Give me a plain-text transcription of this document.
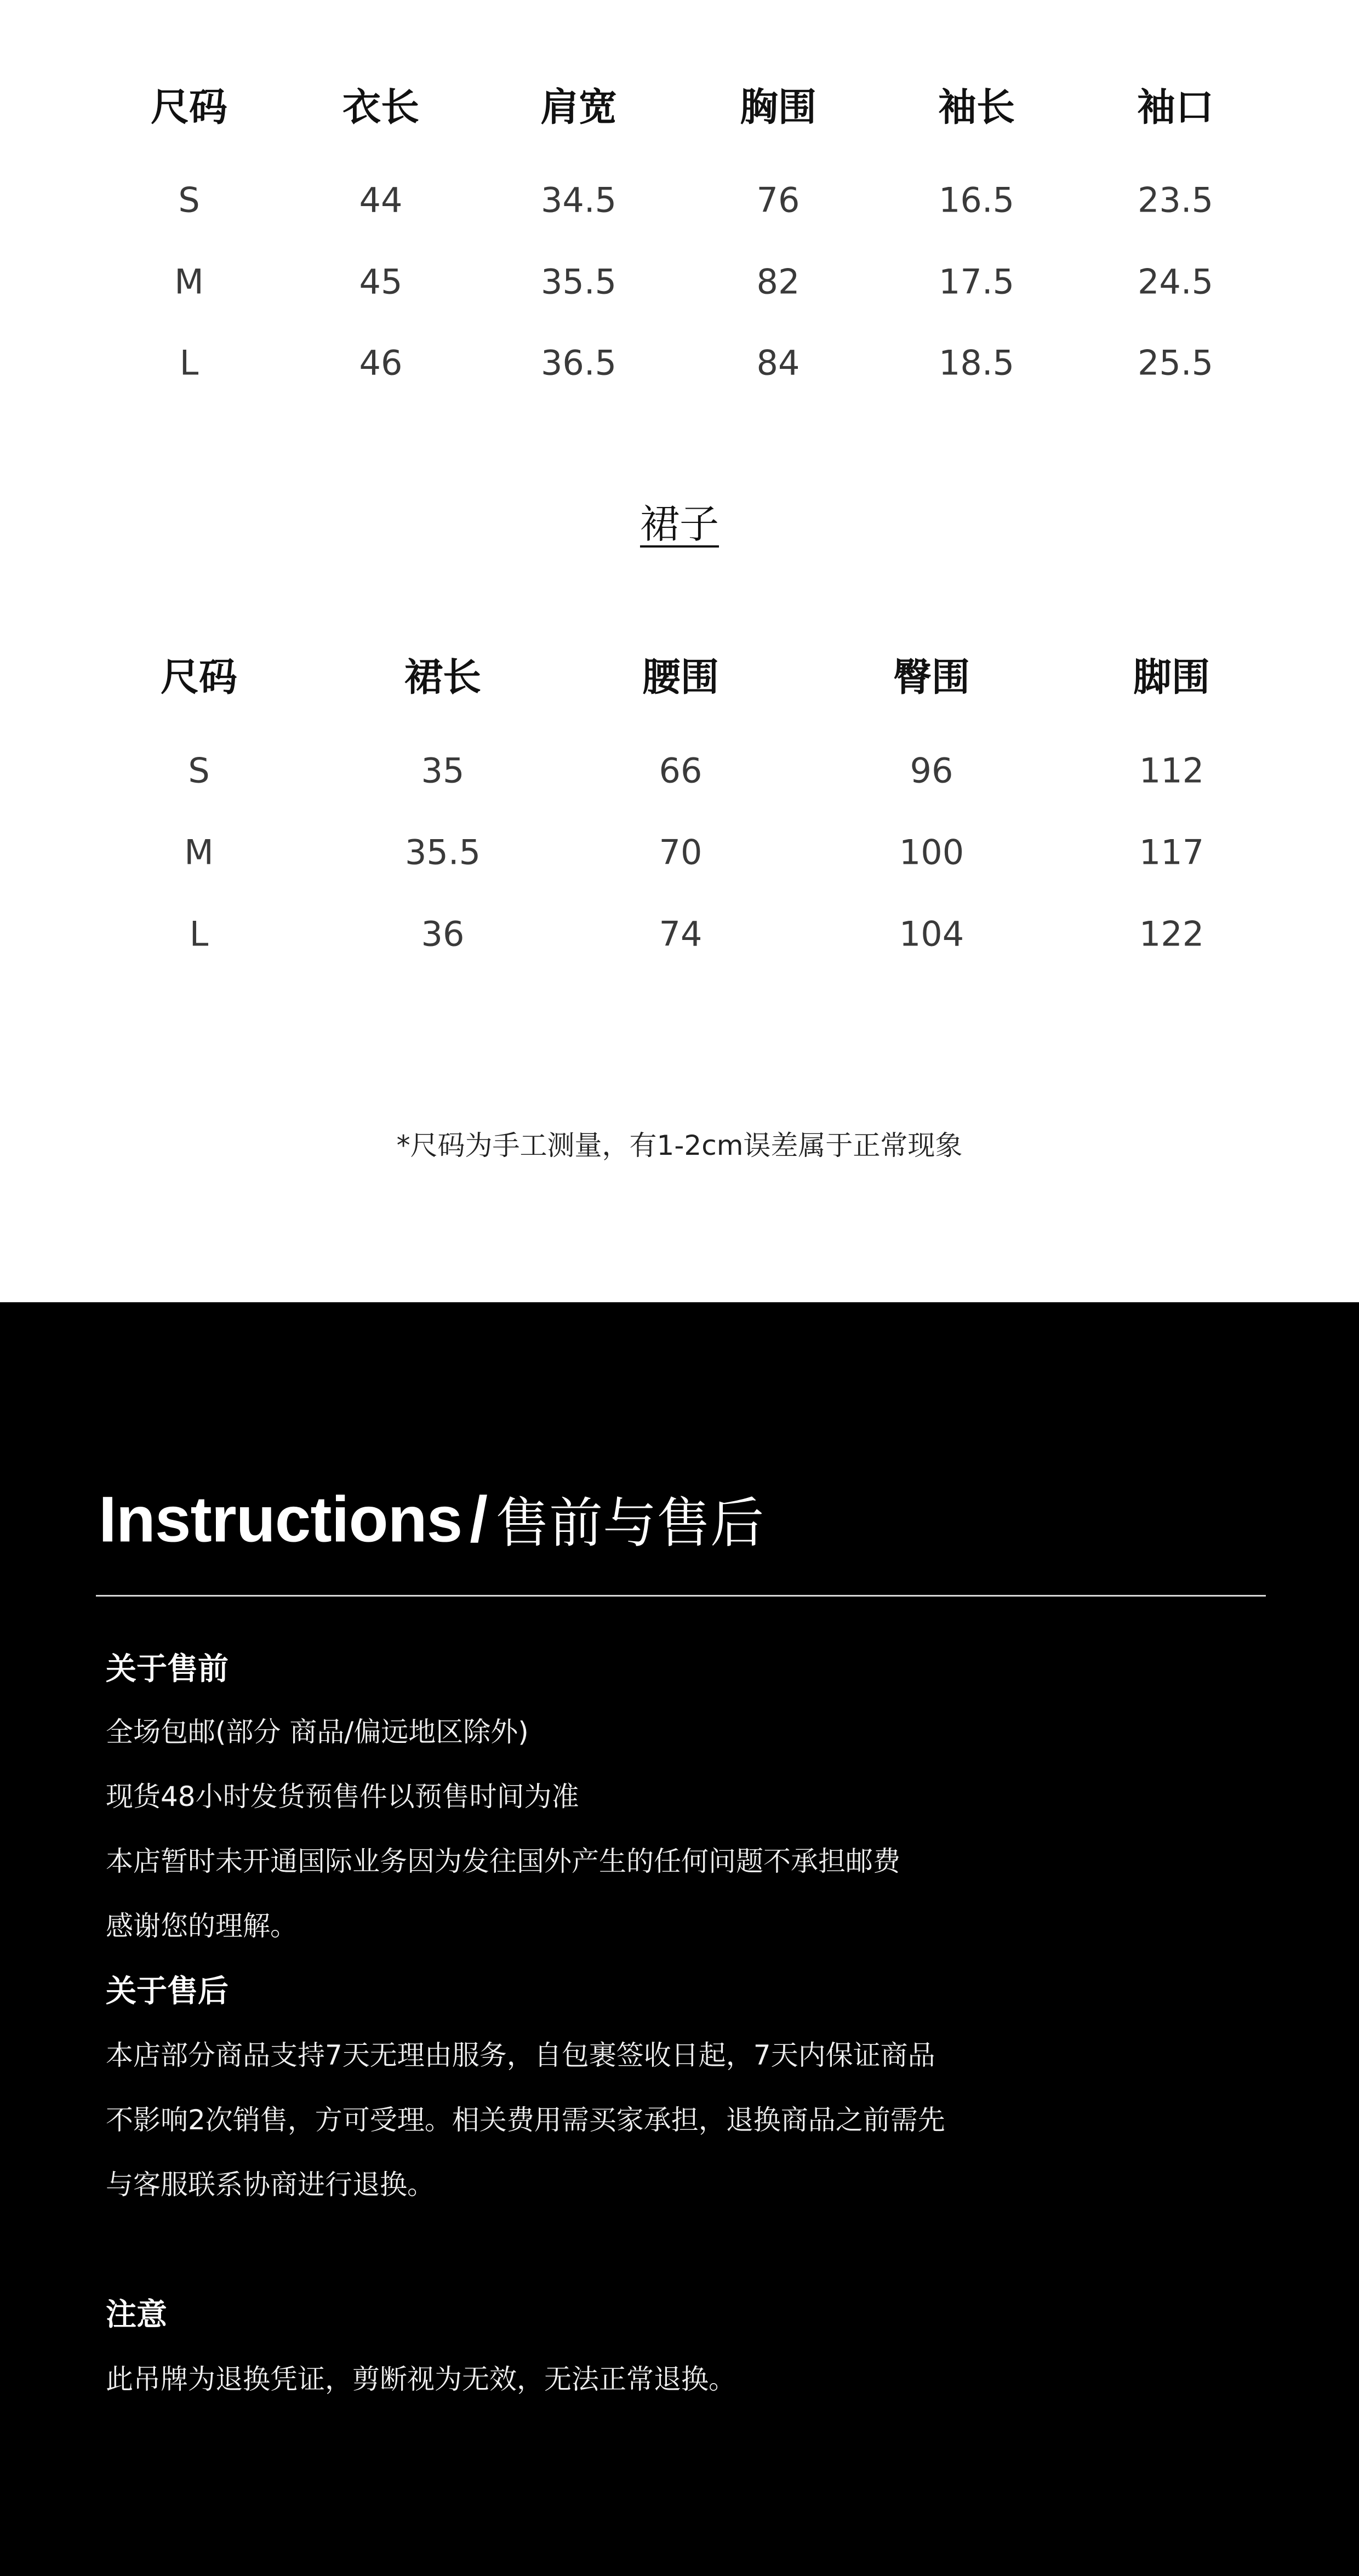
尺码	衣长	肩宽	胸围	袖长	袖口
S	44	34.5	76	16.5	23.5
M	45	35.5	82	17.5	24.5
L	46	36.5	84	18.5	25.5
裙子
尺码	裙长	腰围	臀围	脚围
S	35	66	96	112
M	35.5	70	100	117
L	36	74	104	122
*尺码为手工测量，有1-2cm误差属于正常现象
Instructions / 售前与售后
关于售前
全场包邮(部分 商品/偏远地区除外)
现货48小时发货预售件以预售时间为准
本店暂时未开通国际业务因为发往国外产生的任何问题不承担邮费
感谢您的理解。
关于售后
本店部分商品支持7天无理由服务，自包裹签收日起，7天内保证商品
不影响2次销售，方可受理。相关费用需买家承担，退换商品之前需先
与客服联系协商进行退换。
注意
此吊牌为退换凭证，剪断视为无效，无法正常退换。
